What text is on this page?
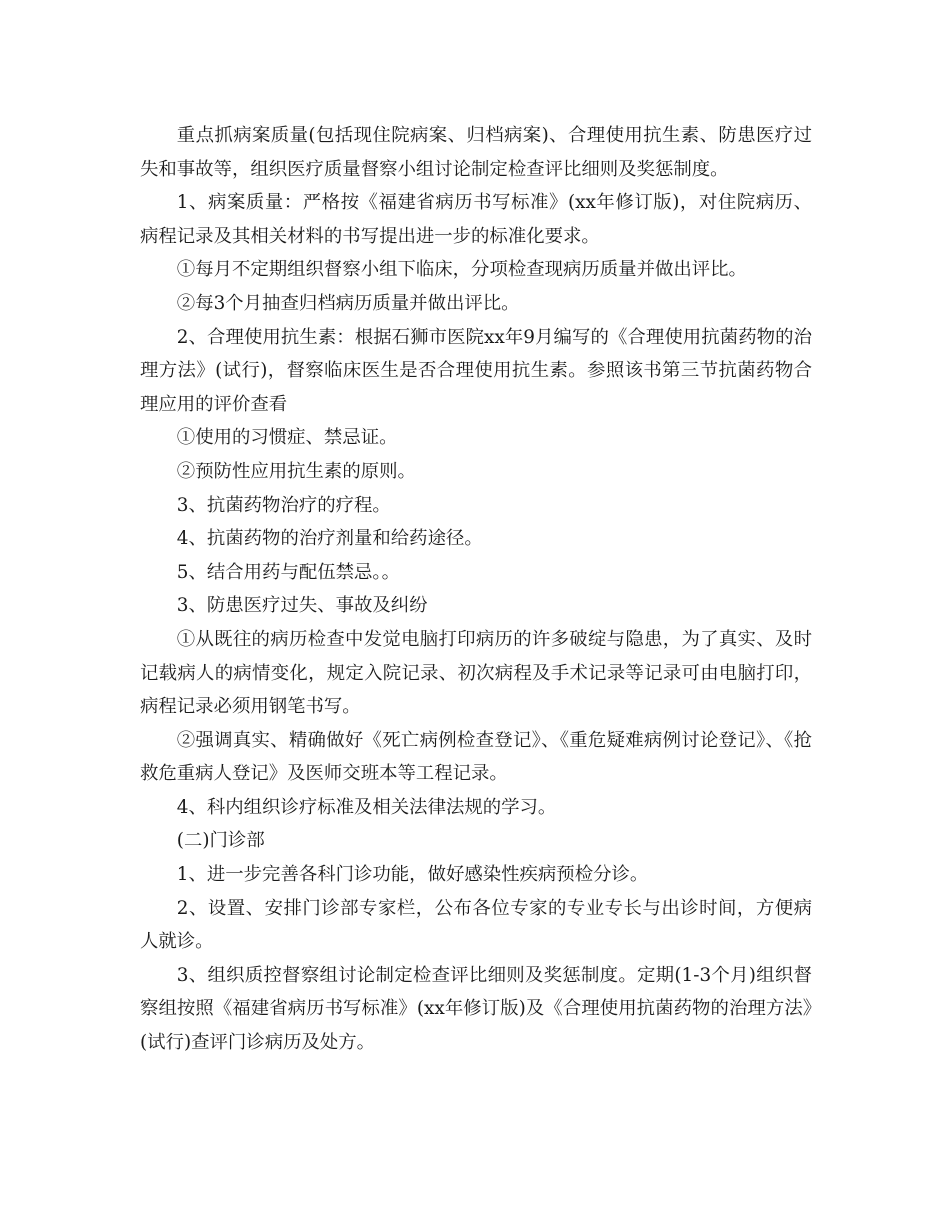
重点抓病案质量(包括现住院病案、归档病案)、合理使用抗生素、防患医疗过失和事故等，组织医疗质量督察小组讨论制定检查评比细则及奖惩制度。

1、病案质量：严格按《福建省病历书写标准》(xx年修订版)，对住院病历、病程记录及其相关材料的书写提出进一步的标准化要求。

①每月不定期组织督察小组下临床，分项检查现病历质量并做出评比。

②每3个月抽查归档病历质量并做出评比。

2、合理使用抗生素：根据石狮市医院xx年9月编写的《合理使用抗菌药物的治理方法》(试行)，督察临床医生是否合理使用抗生素。参照该书第三节抗菌药物合理应用的评价查看

①使用的习惯症、禁忌证。

②预防性应用抗生素的原则。

3、抗菌药物治疗的疗程。

4、抗菌药物的治疗剂量和给药途径。

5、结合用药与配伍禁忌。。

3、防患医疗过失、事故及纠纷

①从既往的病历检查中发觉电脑打印病历的许多破绽与隐患，为了真实、及时记载病人的病情变化，规定入院记录、初次病程及手术记录等记录可由电脑打印，病程记录必须用钢笔书写。

②强调真实、精确做好《死亡病例检查登记》、《重危疑难病例讨论登记》、《抢救危重病人登记》及医师交班本等工程记录。

4、科内组织诊疗标准及相关法律法规的学习。

(二)门诊部

1、进一步完善各科门诊功能，做好感染性疾病预检分诊。

2、设置、安排门诊部专家栏，公布各位专家的专业专长与出诊时间，方便病人就诊。

3、组织质控督察组讨论制定检查评比细则及奖惩制度。定期(1-3个月)组织督察组按照《福建省病历书写标准》(xx年修订版)及《合理使用抗菌药物的治理方法》(试行)查评门诊病历及处方。
